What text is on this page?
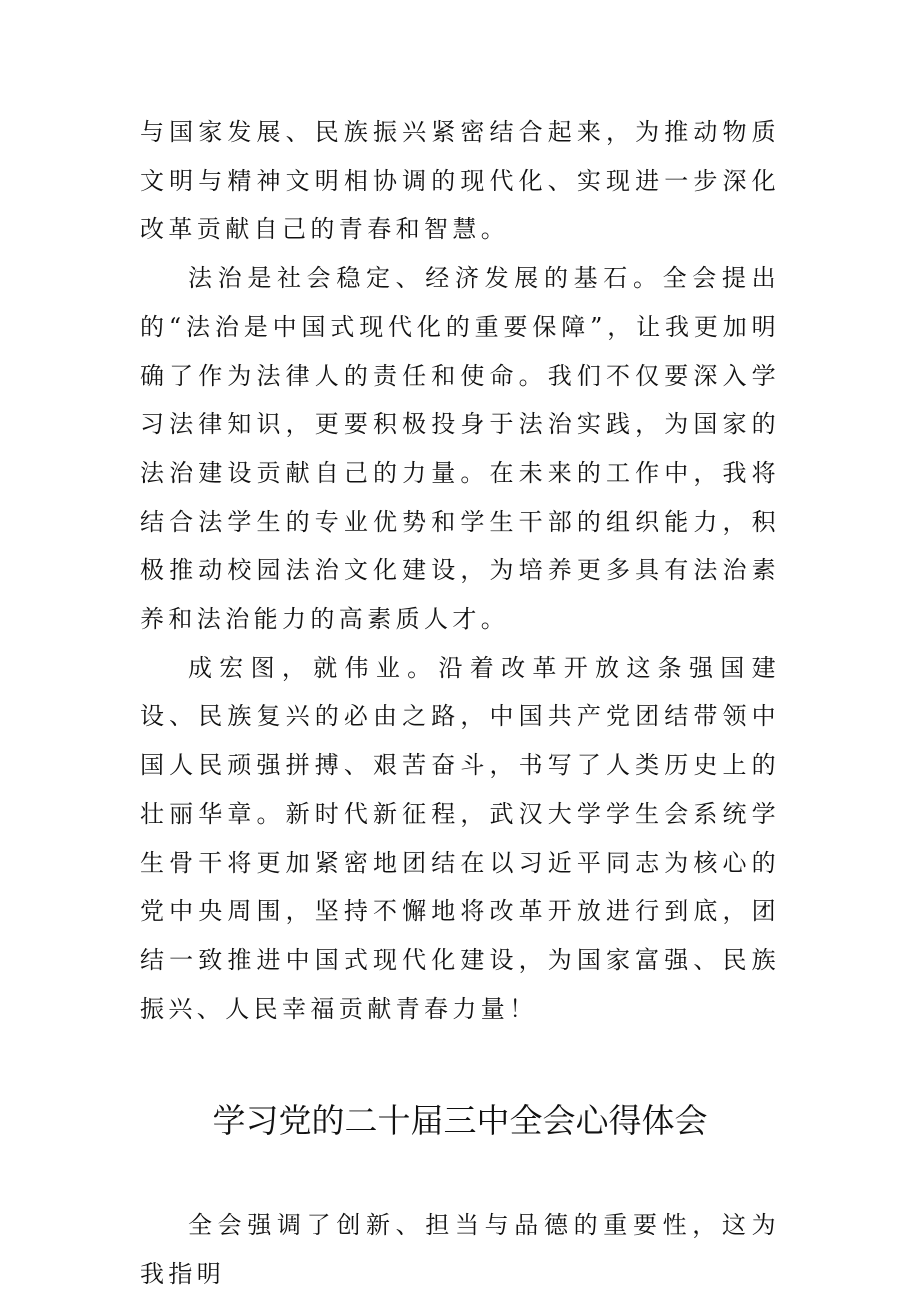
与国家发展、民族振兴紧密结合起来，为推动物质文明与精神文明相协调的现代化、实现进一步深化改革贡献自己的青春和智慧。

法治是社会稳定、经济发展的基石。全会提出的“法治是中国式现代化的重要保障”，让我更加明确了作为法律人的责任和使命。我们不仅要深入学习法律知识，更要积极投身于法治实践，为国家的法治建设贡献自己的力量。在未来的工作中，我将结合法学生的专业优势和学生干部的组织能力，积极推动校园法治文化建设，为培养更多具有法治素养和法治能力的高素质人才。

成宏图，就伟业。沿着改革开放这条强国建设、民族复兴的必由之路，中国共产党团结带领中国人民顽强拼搏、艰苦奋斗，书写了人类历史上的壮丽华章。新时代新征程，武汉大学学生会系统学生骨干将更加紧密地团结在以习近平同志为核心的党中央周围，坚持不懈地将改革开放进行到底，团结一致推进中国式现代化建设，为国家富强、民族振兴、人民幸福贡献青春力量！

学习党的二十届三中全会心得体会

全会强调了创新、担当与品德的重要性，这为我指明
